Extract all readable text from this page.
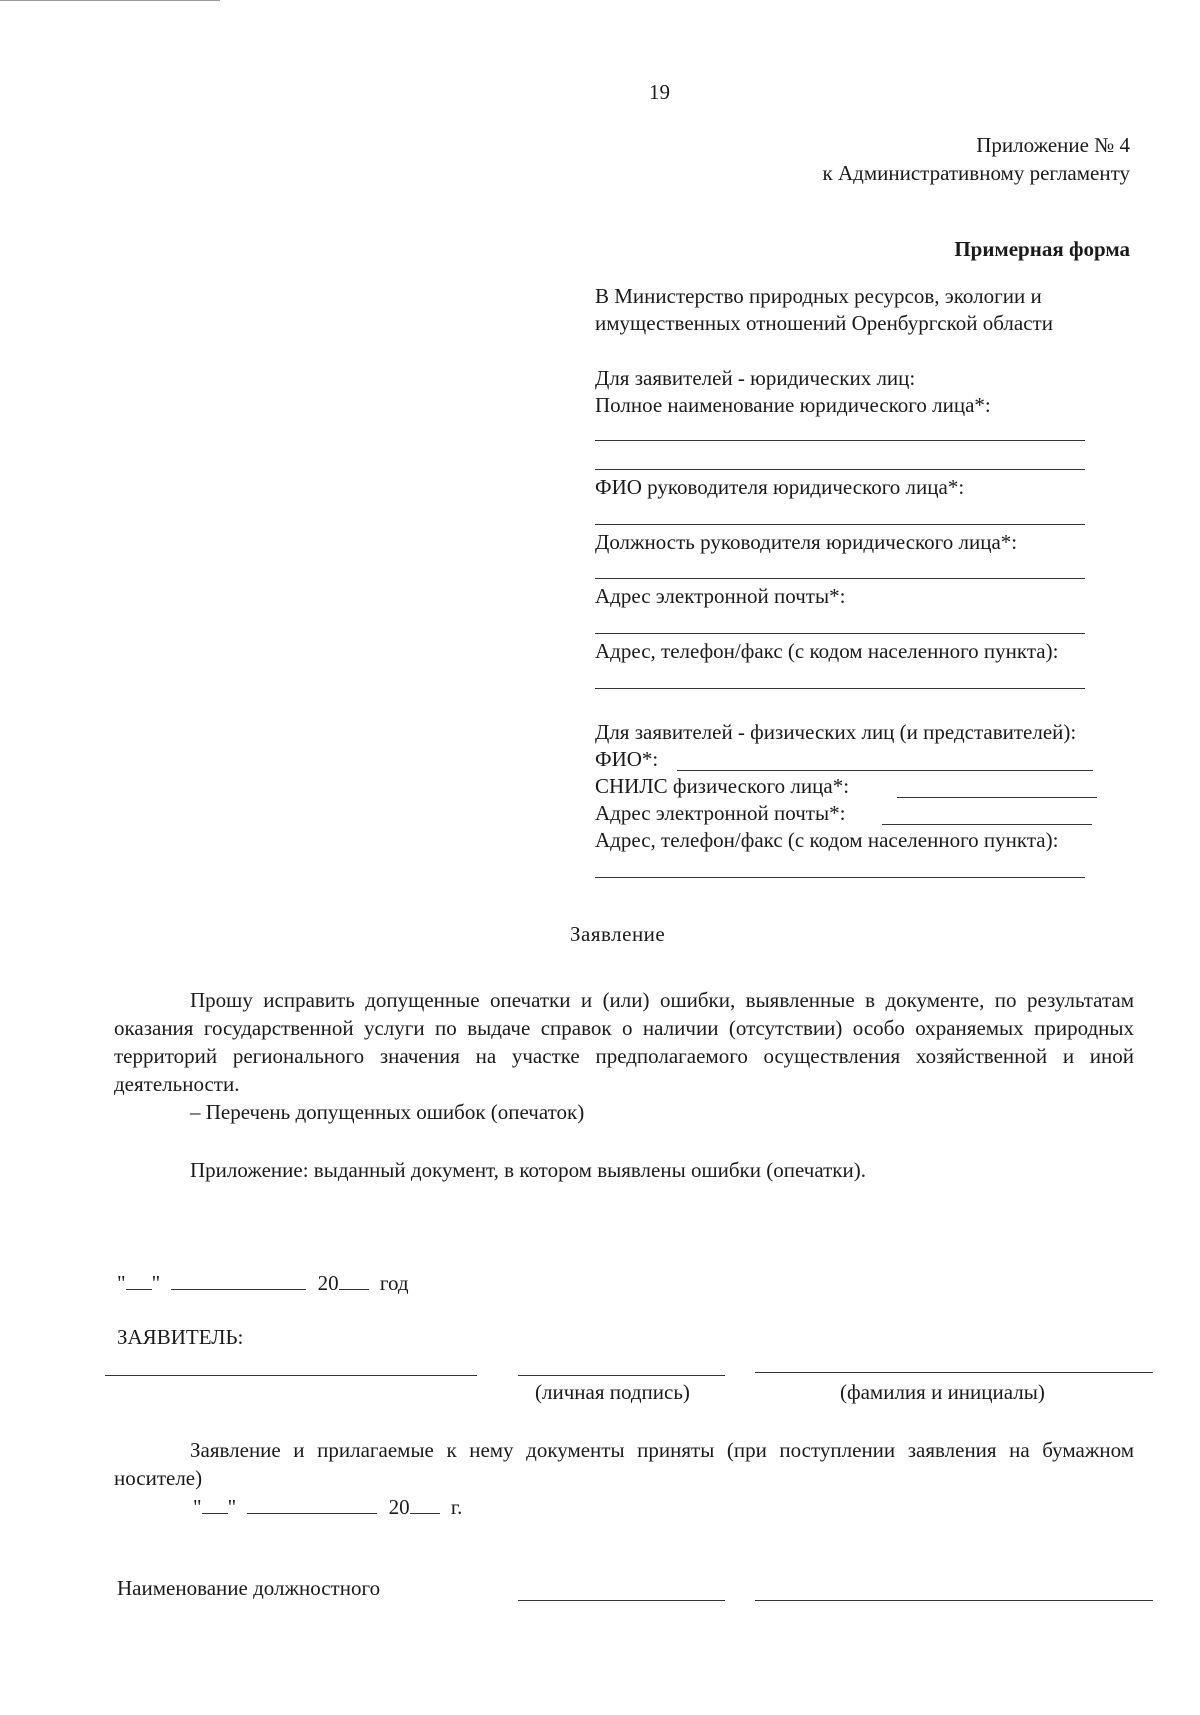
19
Приложение № 4
к Административному регламенту
Примерная форма
В Министерство природных ресурсов, экологии и
имущественных отношений Оренбургской области
Для заявителей - юридических лиц:
Полное наименование юридического лица*:
ФИО руководителя юридического лица*:
Должность руководителя юридического лица*:
Адрес электронной почты*:
Адрес, телефон/факс (с кодом населенного пункта):
Для заявителей - физических лиц (и представителей):
ФИО*:
СНИЛС физического лица*:
Адрес электронной почты*:
Адрес, телефон/факс (с кодом населенного пункта):
Заявление
Прошу исправить допущенные опечатки и (или) ошибки, выявленные в документе, по результатам оказания государственной услуги по выдаче справок о наличии (отсутствии) особо охраняемых природных территорий регионального значения на участке предполагаемого осуществления хозяйственной и иной деятельности.
– Перечень допущенных ошибок (опечаток)
Приложение: выданный документ, в котором выявлены ошибки (опечатки).
" "	20 год
ЗАЯВИТЕЛЬ:
(личная подпись)	(фамилия и инициалы)
Заявление и прилагаемые к нему документы приняты (при поступлении заявления на бумажном носителе)
" "	20 г.
Наименование должностного
